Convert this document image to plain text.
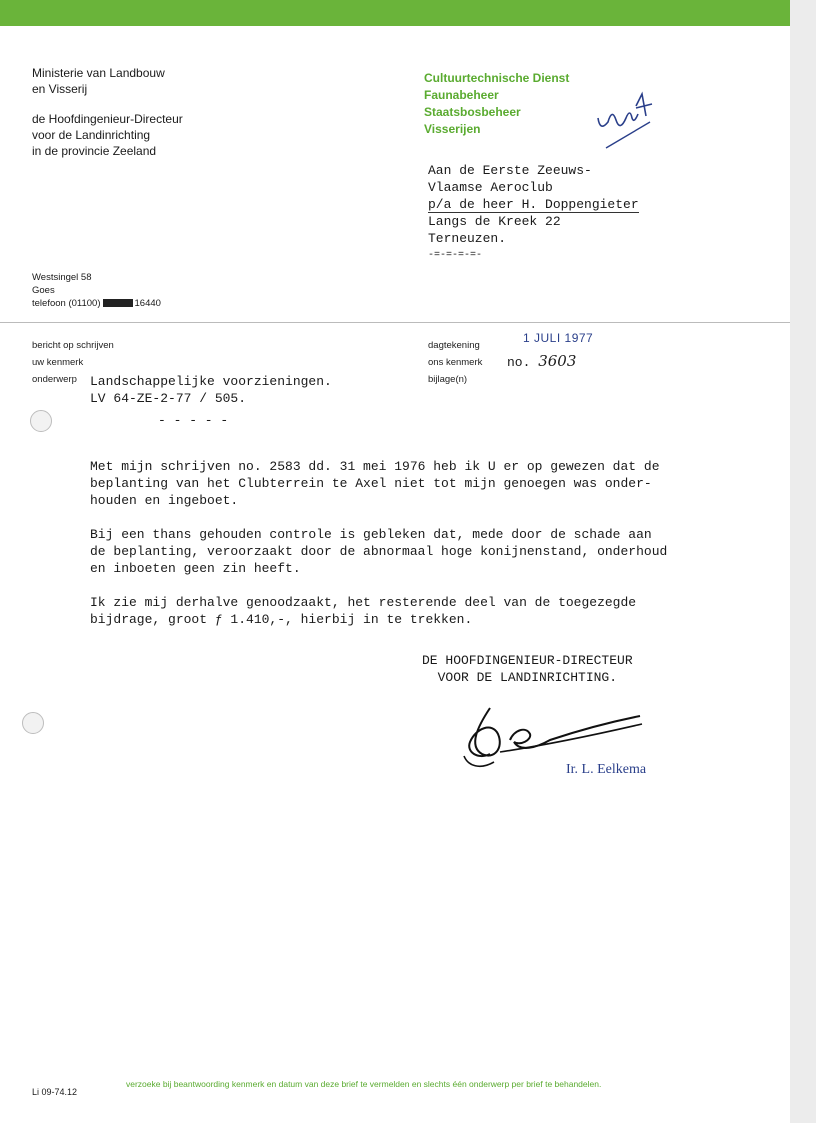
Ministerie van Landbouw
en Visserij
de Hoofdingenieur-Directeur
voor de Landinrichting
in de provincie Zeeland
Westsingel 58
Goes
telefoon (01100)	16440
Cultuurtechnische Dienst
Faunabeheer
Staatsbosbeheer
Visserijen
Aan de Eerste Zeeuws-
Vlaamse Aeroclub
p/a de heer H. Doppengieter
Langs de Kreek 22
Terneuzen.
-=-=-=-=-
bericht op schrijven
uw kenmerk
onderwerp
dagtekening
ons kenmerk
bijlage(n)
1 JULI 1977
no. 3603
Landschappelijke voorzieningen.
LV 64-ZE-2-77 / 505.
- - - - -

Met mijn schrijven no. 2583 dd. 31 mei 1976 heb ik U er op gewezen dat de
beplanting van het Clubterrein te Axel niet tot mijn genoegen was onder-
houden en ingeboet.

Bij een thans gehouden controle is gebleken dat, mede door de schade aan
de beplanting, veroorzaakt door de abnormaal hoge konijnenstand, onderhoud
en inboeten geen zin heeft.

Ik zie mij derhalve genoodzaakt, het resterende deel van de toegezegde
bijdrage, groot ƒ 1.410,-, hierbij in te trekken.

DE HOOFDINGENIEUR-DIRECTEUR
VOOR DE LANDINRICHTING.
Ir. L. Eelkema
verzoeke bij beantwoording kenmerk en datum van deze brief te vermelden en slechts één onderwerp per brief te behandelen.
Li 09-74.12
